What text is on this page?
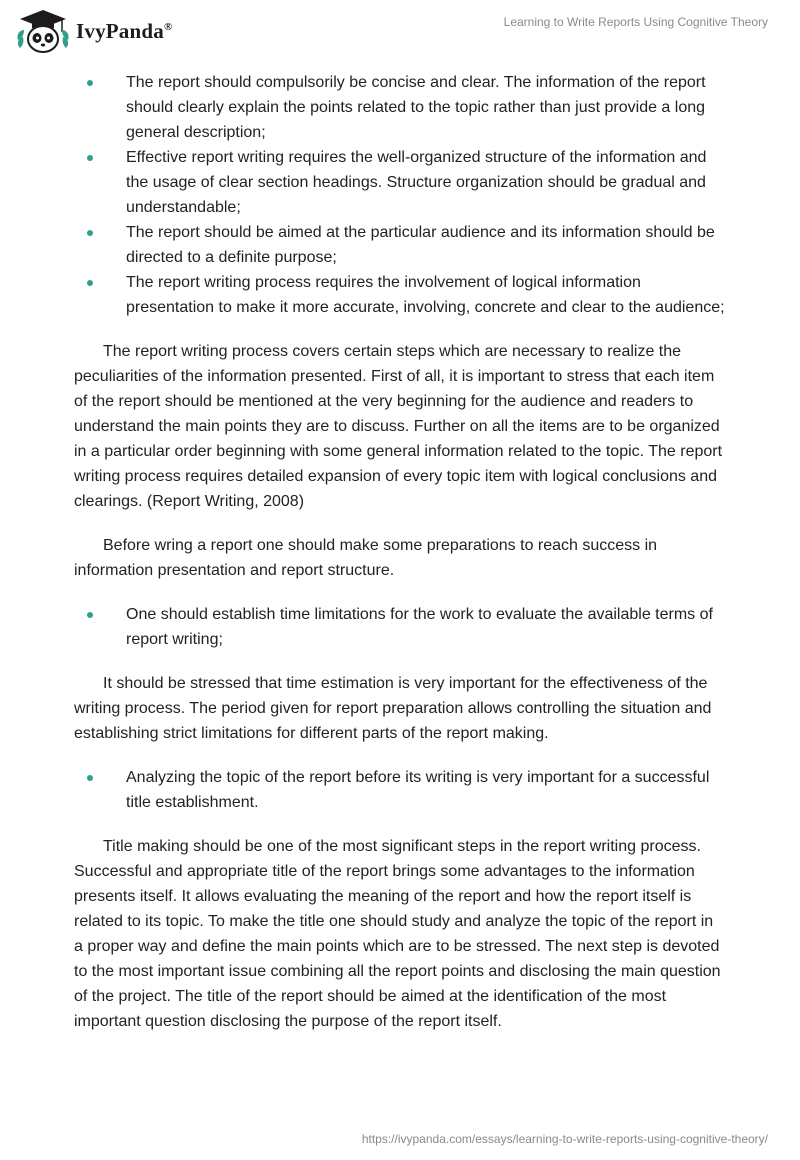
IvyPanda®	Learning to Write Reports Using Cognitive Theory
The report should compulsorily be concise and clear. The information of the report should clearly explain the points related to the topic rather than just provide a long general description;
Effective report writing requires the well-organized structure of the information and the usage of clear section headings. Structure organization should be gradual and understandable;
The report should be aimed at the particular audience and its information should be directed to a definite purpose;
The report writing process requires the involvement of logical information presentation to make it more accurate, involving, concrete and clear to the audience;

The report writing process covers certain steps which are necessary to realize the peculiarities of the information presented. First of all, it is important to stress that each item of the report should be mentioned at the very beginning for the audience and readers to understand the main points they are to discuss. Further on all the items are to be organized in a particular order beginning with some general information related to the topic. The report writing process requires detailed expansion of every topic item with logical conclusions and clearings. (Report Writing, 2008)

Before wring a report one should make some preparations to reach success in information presentation and report structure.

One should establish time limitations for the work to evaluate the available terms of report writing;

It should be stressed that time estimation is very important for the effectiveness of the writing process. The period given for report preparation allows controlling the situation and establishing strict limitations for different parts of the report making.

Analyzing the topic of the report before its writing is very important for a successful title establishment.

Title making should be one of the most significant steps in the report writing process. Successful and appropriate title of the report brings some advantages to the information presents itself. It allows evaluating the meaning of the report and how the report itself is related to its topic. To make the title one should study and analyze the topic of the report in a proper way and define the main points which are to be stressed. The next step is devoted to the most important issue combining all the report points and disclosing the main question of the project. The title of the report should be aimed at the identification of the most important question disclosing the purpose of the report itself.

https://ivypanda.com/essays/learning-to-write-reports-using-cognitive-theory/
